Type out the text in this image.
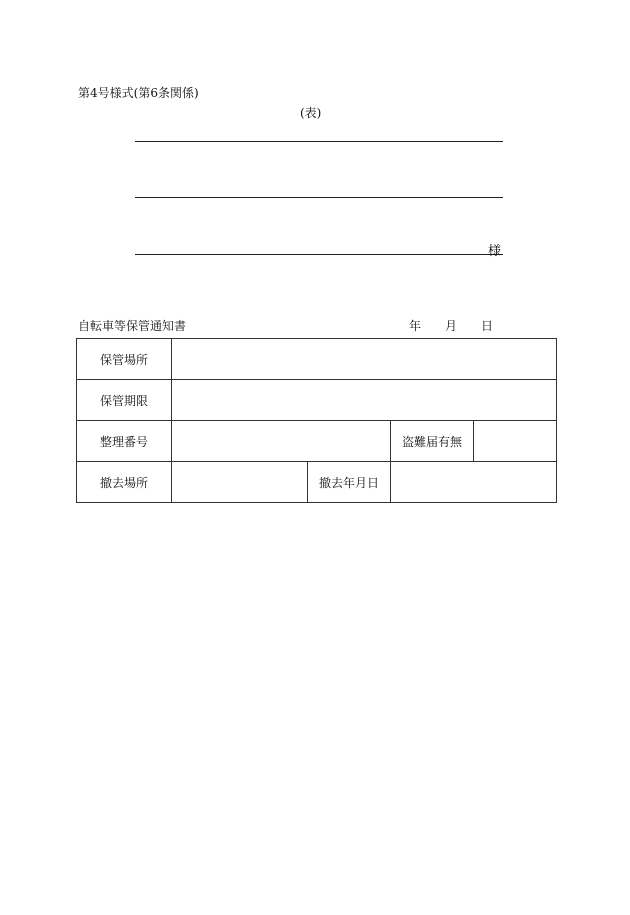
第4号様式(第6条関係)
(表)
様
自転車等保管通知書	年 月 日
保管場所				
保管期限				
整理番号			盗難届有無	
撤去場所		撤去年月日		
